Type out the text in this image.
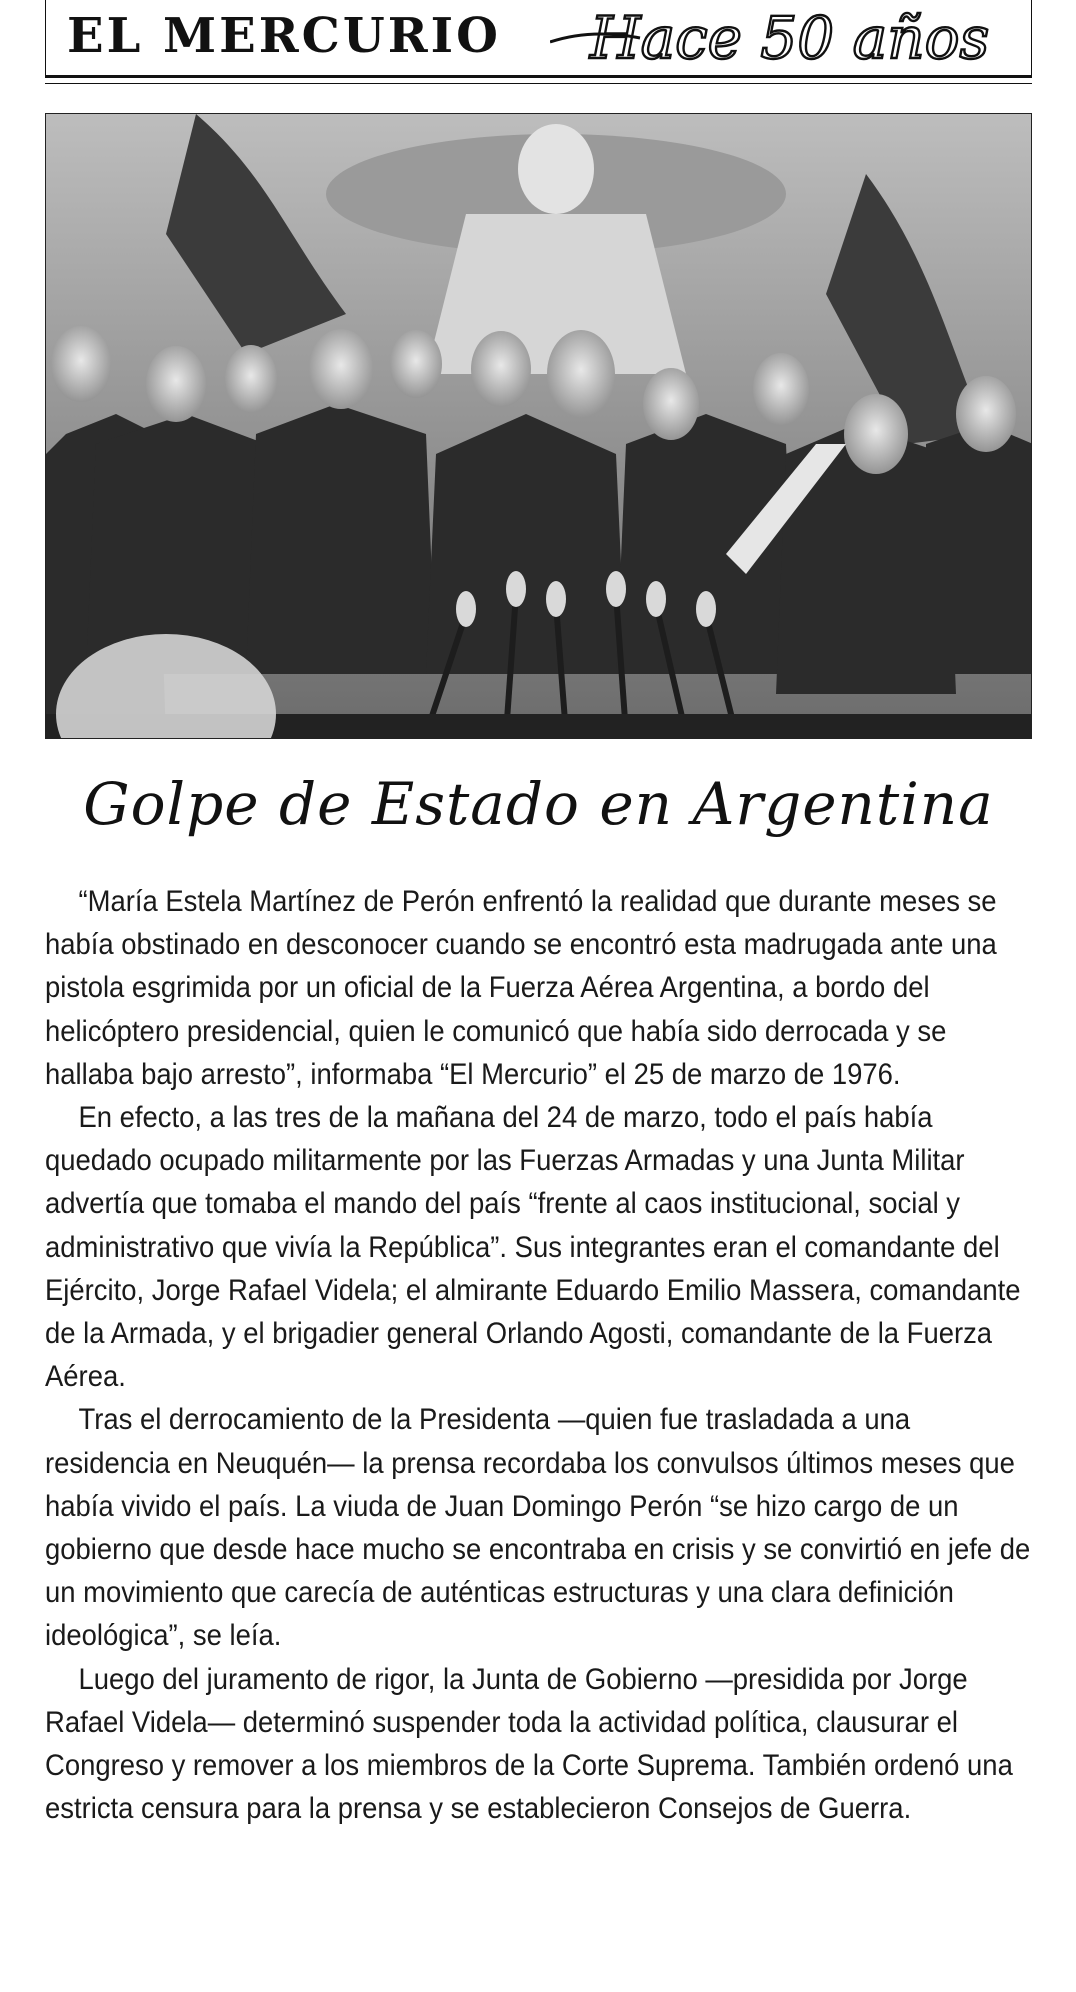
EL MERCURIO Hace 50 años
Golpe de Estado en Argentina

“María Estela Martínez de Perón enfrentó la realidad que durante meses se había obstinado en desconocer cuando se encontró esta madrugada ante una pistola esgrimida por un oficial de la Fuerza Aérea Argentina, a bordo del helicóptero presidencial, quien le comunicó que había sido derrocada y se hallaba bajo arresto”, informaba “El Mercurio” el 25 de marzo de 1976.

En efecto, a las tres de la mañana del 24 de marzo, todo el país había quedado ocupado militarmente por las Fuerzas Armadas y una Junta Militar advertía que tomaba el mando del país “frente al caos institucional, social y administrativo que vivía la República”. Sus integrantes eran el comandante del Ejército, Jorge Rafael Videla; el almirante Eduardo Emilio Massera, comandante de la Armada, y el brigadier general Orlando Agosti, comandante de la Fuerza Aérea.

Tras el derrocamiento de la Presidenta —quien fue trasladada a una residencia en Neuquén— la prensa recordaba los convulsos últimos meses que había vivido el país. La viuda de Juan Domingo Perón “se hizo cargo de un gobierno que desde hace mucho se encontraba en crisis y se convirtió en jefe de un movimiento que carecía de auténticas estructuras y una clara definición ideológica”, se leía.

Luego del juramento de rigor, la Junta de Gobierno —presidida por Jorge Rafael Videla— determinó suspender toda la actividad política, clausurar el Congreso y remover a los miembros de la Corte Suprema. También ordenó una estricta censura para la prensa y se establecieron Consejos de Guerra.
